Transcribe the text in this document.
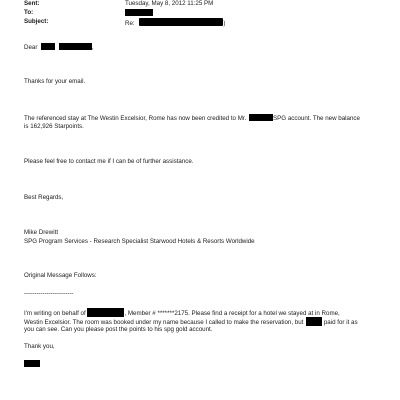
Sent:	Tuesday, May 8, 2012 11:25 PM
To:
Subject:	Re:	)
Dear	,
Thanks for your email.
The referenced stay at The Westin Excelsior, Rome has now been credited to Mr.	SPG account. The new balance
is 162,926 Starpoints.
Please feel free to contact me if I can be of further assistance.
Best Regards,
Mike Drewitt
SPG Program Services - Research Specialist Starwood Hotels & Resorts Worldwide
Original Message Follows:
------------------------
I'm writing on behalf of	, Member # *******2175. Please find a receipt for a hotel we stayed at in Rome,
Westin Excelsior. The room was booked under my name because I called to make the reservation, but	paid for it as
you can see. Can you please post the points to his spg gold account.
Thank you,
